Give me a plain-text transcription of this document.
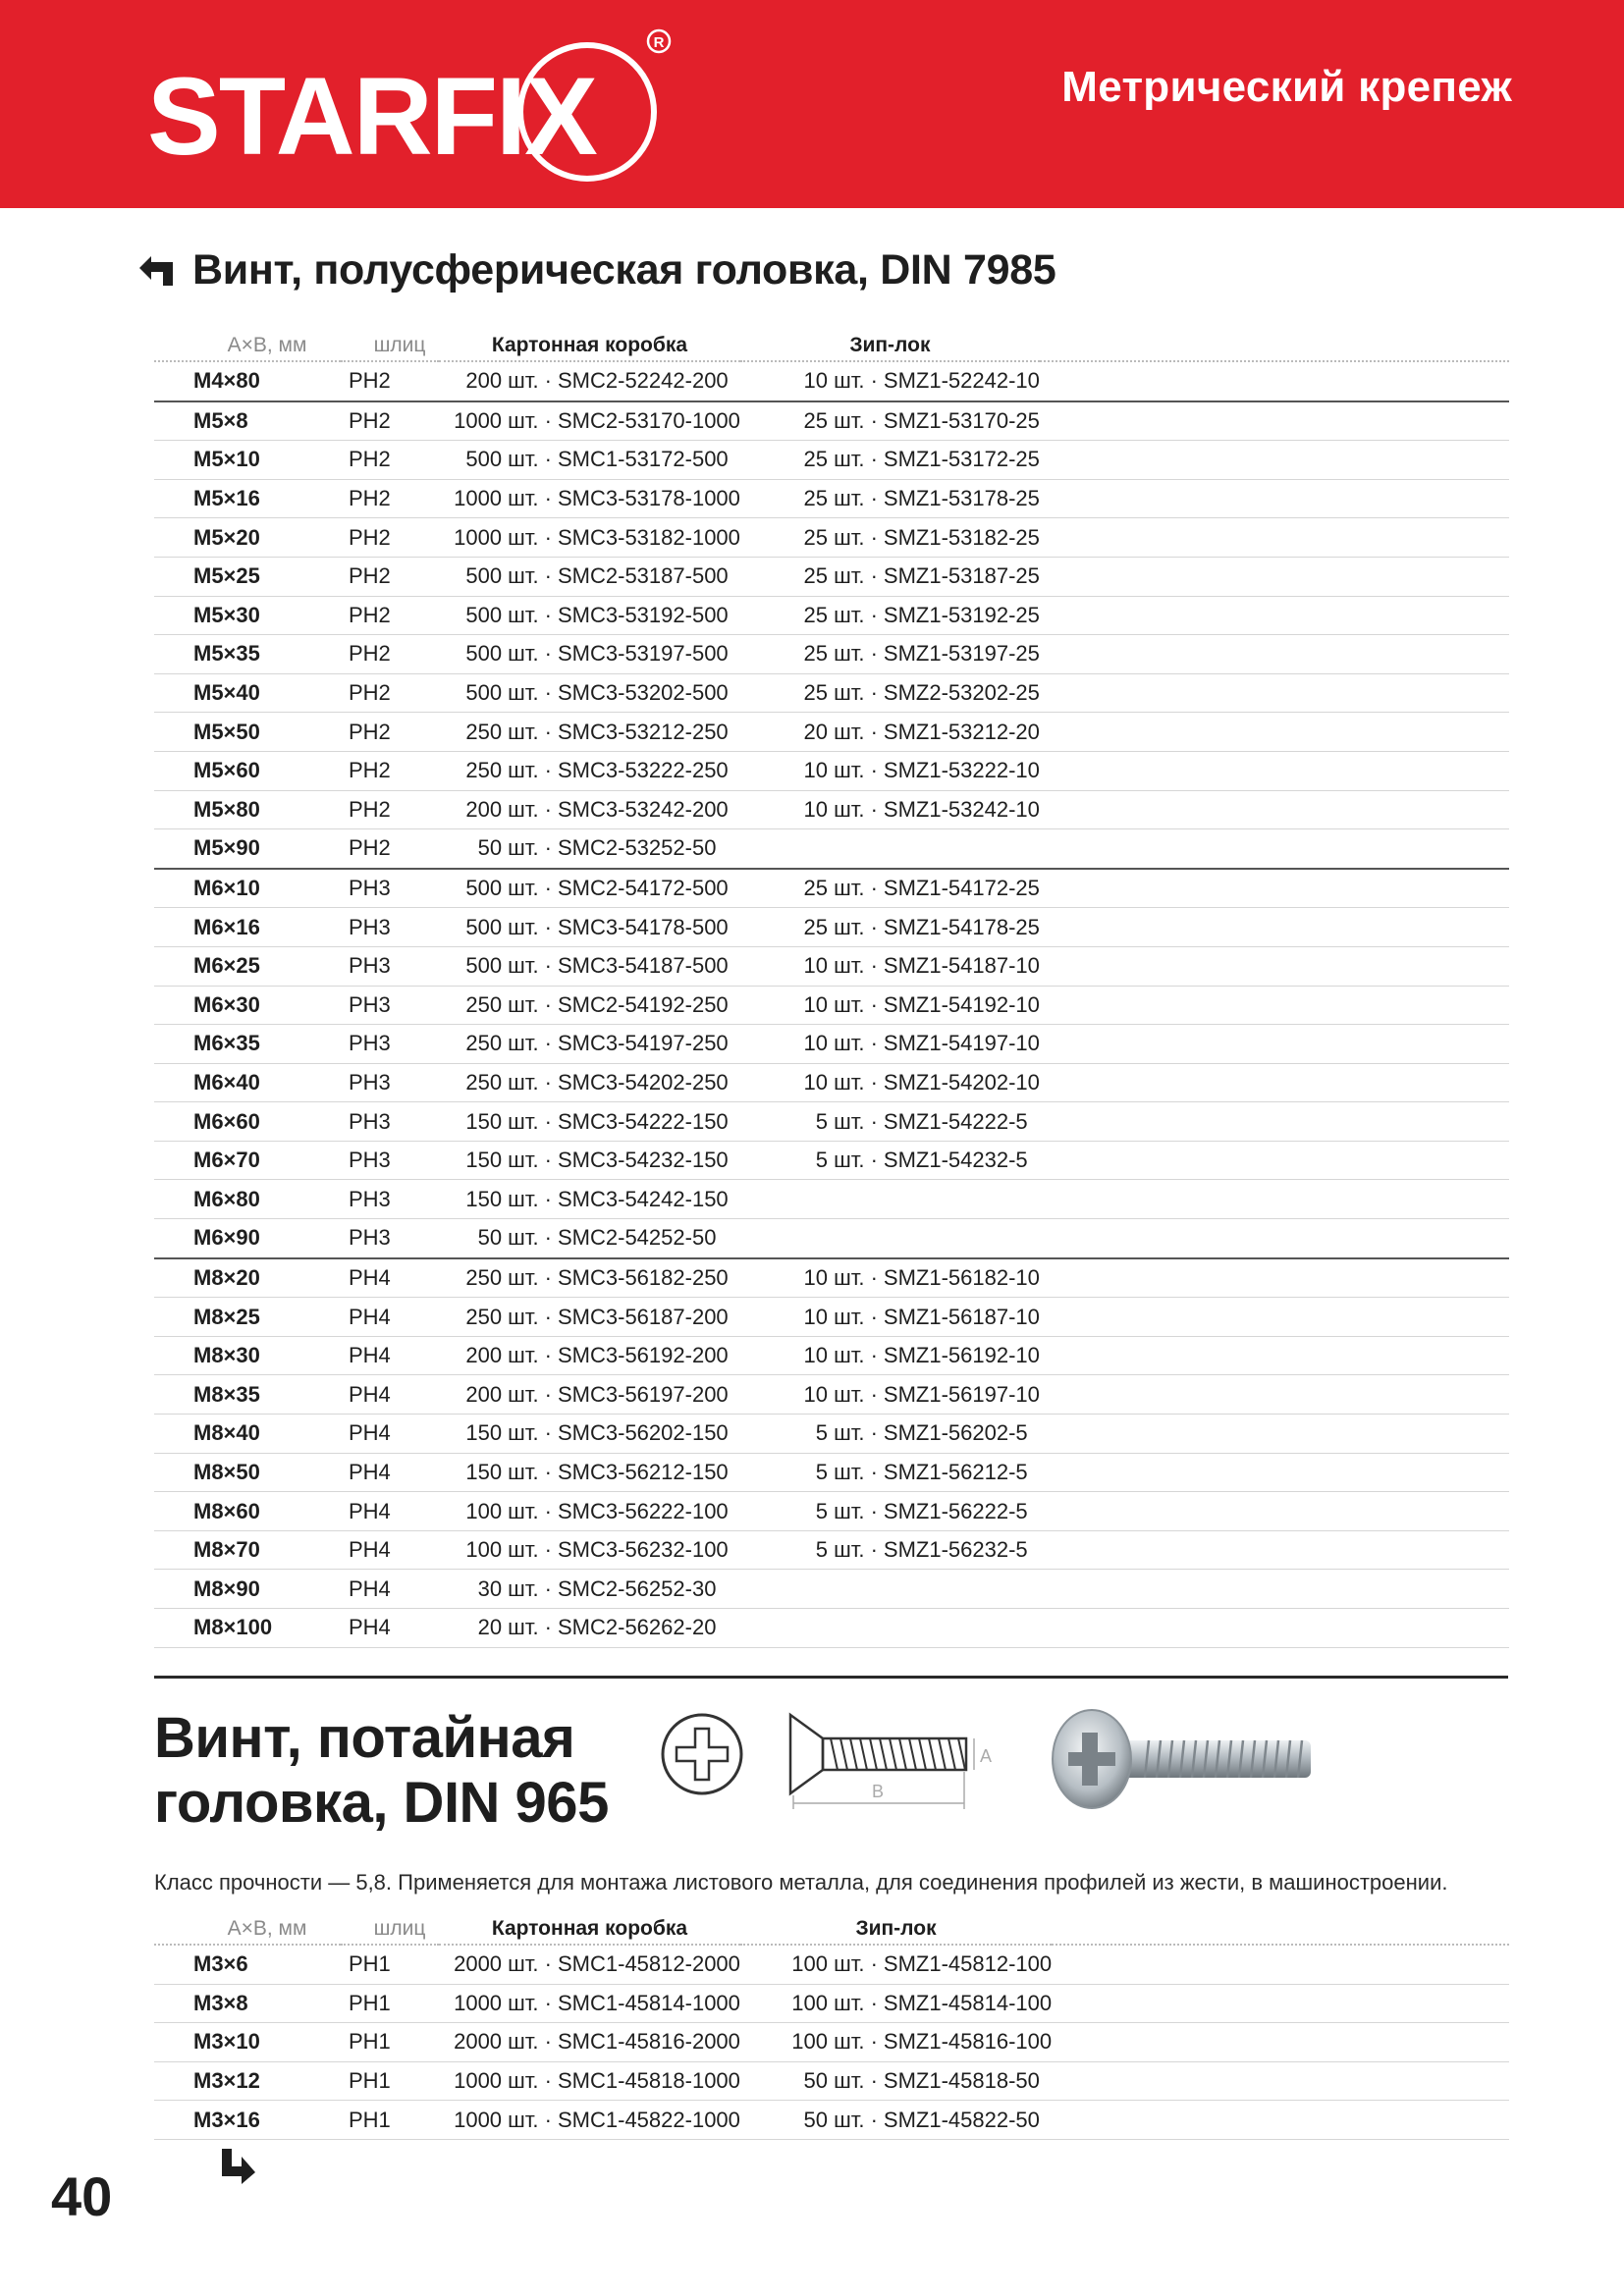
STARFIX
R
Метрический крепеж
Винт, полусферическая головка, DIN 7985
A×B, мм	шлиц	Картонная коробка	Зип-лок	
M4×80	PH2	200 шт. · SMC2-52242-200	10 шт. · SMZ1-52242-10	
M5×8	PH2	1000 шт. · SMC2-53170-1000	25 шт. · SMZ1-53170-25	
M5×10	PH2	500 шт. · SMC1-53172-500	25 шт. · SMZ1-53172-25	
M5×16	PH2	1000 шт. · SMC3-53178-1000	25 шт. · SMZ1-53178-25	
M5×20	PH2	1000 шт. · SMC3-53182-1000	25 шт. · SMZ1-53182-25	
M5×25	PH2	500 шт. · SMC2-53187-500	25 шт. · SMZ1-53187-25	
M5×30	PH2	500 шт. · SMC3-53192-500	25 шт. · SMZ1-53192-25	
M5×35	PH2	500 шт. · SMC3-53197-500	25 шт. · SMZ1-53197-25	
M5×40	PH2	500 шт. · SMC3-53202-500	25 шт. · SMZ2-53202-25	
M5×50	PH2	250 шт. · SMC3-53212-250	20 шт. · SMZ1-53212-20	
M5×60	PH2	250 шт. · SMC3-53222-250	10 шт. · SMZ1-53222-10	
M5×80	PH2	200 шт. · SMC3-53242-200	10 шт. · SMZ1-53242-10	
M5×90	PH2	50 шт. · SMC2-53252-50		
M6×10	PH3	500 шт. · SMC2-54172-500	25 шт. · SMZ1-54172-25	
M6×16	PH3	500 шт. · SMC3-54178-500	25 шт. · SMZ1-54178-25	
M6×25	PH3	500 шт. · SMC3-54187-500	10 шт. · SMZ1-54187-10	
M6×30	PH3	250 шт. · SMC2-54192-250	10 шт. · SMZ1-54192-10	
M6×35	PH3	250 шт. · SMC3-54197-250	10 шт. · SMZ1-54197-10	
M6×40	PH3	250 шт. · SMC3-54202-250	10 шт. · SMZ1-54202-10	
M6×60	PH3	150 шт. · SMC3-54222-150	5 шт. · SMZ1-54222-5	
M6×70	PH3	150 шт. · SMC3-54232-150	5 шт. · SMZ1-54232-5	
M6×80	PH3	150 шт. · SMC3-54242-150		
M6×90	PH3	50 шт. · SMC2-54252-50		
M8×20	PH4	250 шт. · SMC3-56182-250	10 шт. · SMZ1-56182-10	
M8×25	PH4	250 шт. · SMC3-56187-200	10 шт. · SMZ1-56187-10	
M8×30	PH4	200 шт. · SMC3-56192-200	10 шт. · SMZ1-56192-10	
M8×35	PH4	200 шт. · SMC3-56197-200	10 шт. · SMZ1-56197-10	
M8×40	PH4	150 шт. · SMC3-56202-150	5 шт. · SMZ1-56202-5	
M8×50	PH4	150 шт. · SMC3-56212-150	5 шт. · SMZ1-56212-5	
M8×60	PH4	100 шт. · SMC3-56222-100	5 шт. · SMZ1-56222-5	
M8×70	PH4	100 шт. · SMC3-56232-100	5 шт. · SMZ1-56232-5	
M8×90	PH4	30 шт. · SMC2-56252-30		
M8×100	PH4	20 шт. · SMC2-56262-20		
Винт, потайная
головка, DIN 965
A
B
Класс прочности — 5,8. Применяется для монтажа листового металла, для соединения профилей из жести, в машиностроении.
A×B, мм	шлиц	Картонная коробка	Зип-лок	
M3×6	PH1	2000 шт. · SMC1-45812-2000	100 шт. · SMZ1-45812-100	
M3×8	PH1	1000 шт. · SMC1-45814-1000	100 шт. · SMZ1-45814-100	
M3×10	PH1	2000 шт. · SMC1-45816-2000	100 шт. · SMZ1-45816-100	
M3×12	PH1	1000 шт. · SMC1-45818-1000	50 шт. · SMZ1-45818-50	
M3×16	PH1	1000 шт. · SMC1-45822-1000	50 шт. · SMZ1-45822-50	
40
